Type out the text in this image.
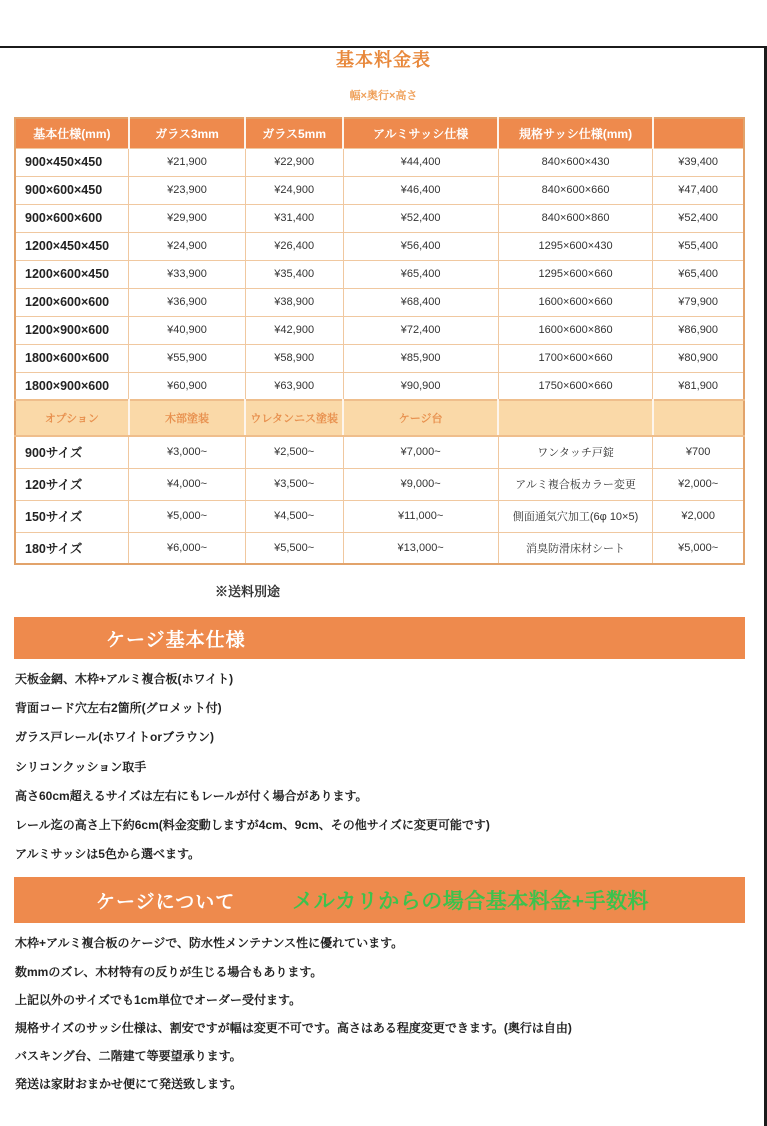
基本料金表
幅×奥行×高さ
基本仕様(mm)	ガラス3mm	ガラス5mm	アルミサッシ仕様	規格サッシ仕様(mm)	
900×450×450	¥21,900	¥22,900	¥44,400	840×600×430	¥39,400
900×600×450	¥23,900	¥24,900	¥46,400	840×600×660	¥47,400
900×600×600	¥29,900	¥31,400	¥52,400	840×600×860	¥52,400
1200×450×450	¥24,900	¥26,400	¥56,400	1295×600×430	¥55,400
1200×600×450	¥33,900	¥35,400	¥65,400	1295×600×660	¥65,400
1200×600×600	¥36,900	¥38,900	¥68,400	1600×600×660	¥79,900
1200×900×600	¥40,900	¥42,900	¥72,400	1600×600×860	¥86,900
1800×600×600	¥55,900	¥58,900	¥85,900	1700×600×660	¥80,900
1800×900×600	¥60,900	¥63,900	¥90,900	1750×600×660	¥81,900
オプション	木部塗装	ウレタンニス塗装	ケージ台		
900サイズ	¥3,000~	¥2,500~	¥7,000~	ワンタッチ戸錠	¥700
120サイズ	¥4,000~	¥3,500~	¥9,000~	アルミ複合板カラー変更	¥2,000~
150サイズ	¥5,000~	¥4,500~	¥11,000~	側面通気穴加工(6φ 10×5)	¥2,000
180サイズ	¥6,000~	¥5,500~	¥13,000~	消臭防滑床材シート	¥5,000~
※送料別途
ケージ基本仕様
天板金網、木枠+アルミ複合板(ホワイト)
背面コード穴左右2箇所(グロメット付)
ガラス戸レール(ホワイトorブラウン)
シリコンクッション取手
高さ60cm超えるサイズは左右にもレールが付く場合があります。
レール迄の高さ上下約6cm(料金変動しますが4cm、9cm、その他サイズに変更可能です)
アルミサッシは5色から選べます。
ケージについて	メルカリからの場合基本料金+手数料
木枠+アルミ複合板のケージで、防水性メンテナンス性に優れています。
数mmのズレ、木材特有の反りが生じる場合もあります。
上記以外のサイズでも1cm単位でオーダー受付ます。
規格サイズのサッシ仕様は、割安ですが幅は変更不可です。高さはある程度変更できます。(奥行は自由)
バスキング台、二階建て等要望承ります。
発送は家財おまかせ便にて発送致します。
